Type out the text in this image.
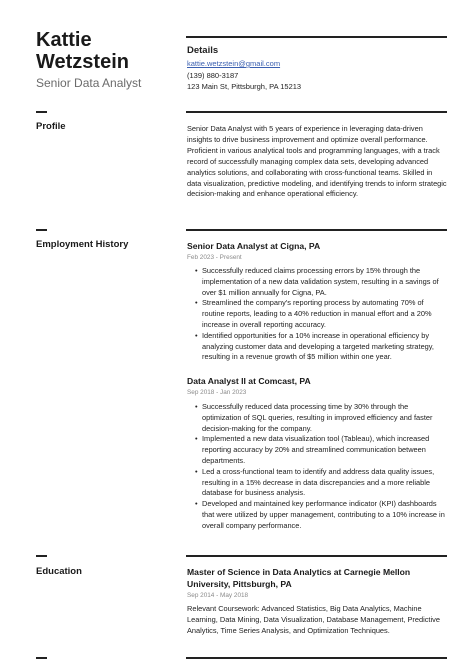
Kattie
Wetzstein
Senior Data Analyst
Details
kattie.wetzstein@gmail.com
(139) 880-3187
123 Main St, Pittsburgh, PA 15213
Profile	Senior Data Analyst with 5 years of experience in leveraging data-driven insights to drive business improvement and optimize overall performance. Proficient in various analytical tools and programming languages, with a track record of successfully managing complex data sets, developing advanced analytics solutions, and collaborating with cross-functional teams. Skilled in data visualization, predictive modeling, and identifying trends to inform strategic decision-making and enhance operational efficiency.
Employment History	Senior Data Analyst at Cigna, PA
Feb 2023 - Present
• Successfully reduced claims processing errors by 15% through the implementation of a new data validation system, resulting in a savings of over $1 million annually for Cigna, PA.
• Streamlined the company's reporting process by automating 70% of routine reports, leading to a 40% reduction in manual effort and a 20% increase in overall reporting accuracy.
• Identified opportunities for a 10% increase in operational efficiency by analyzing customer data and developing a targeted marketing strategy, resulting in a revenue growth of $5 million within one year.
Data Analyst II at Comcast, PA
Sep 2018 - Jan 2023
• Successfully reduced data processing time by 30% through the optimization of SQL queries, resulting in improved efficiency and faster decision-making for the company.
• Implemented a new data visualization tool (Tableau), which increased reporting accuracy by 20% and streamlined communication between departments.
• Led a cross-functional team to identify and address data quality issues, resulting in a 15% decrease in data discrepancies and a more reliable database for business analysis.
• Developed and maintained key performance indicator (KPI) dashboards that were utilized by upper management, contributing to a 10% increase in overall company performance.
Education	Master of Science in Data Analytics at Carnegie Mellon University, Pittsburgh, PA
Sep 2014 - May 2018
Relevant Coursework: Advanced Statistics, Big Data Analytics, Machine Learning, Data Mining, Data Visualization, Database Management, Predictive Analytics, Time Series Analysis, and Optimization Techniques.
